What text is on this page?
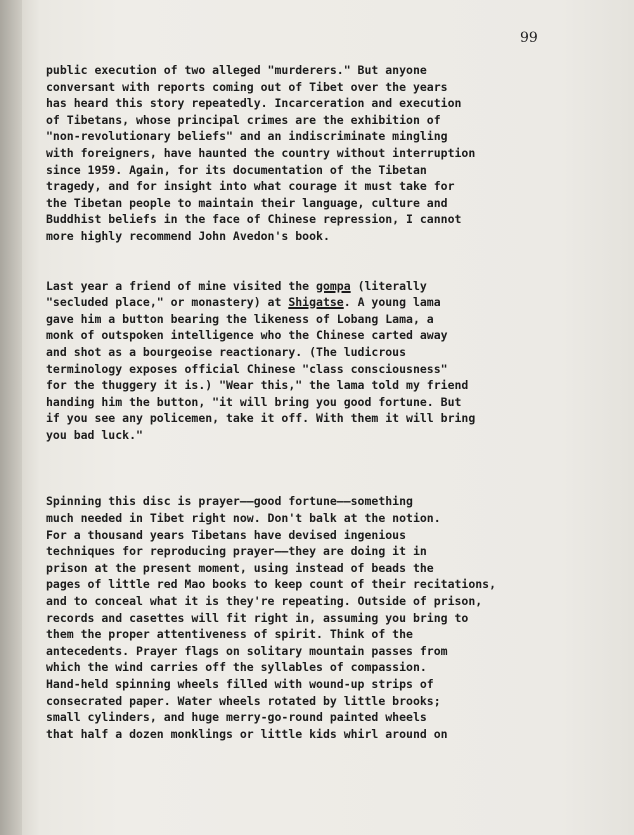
99
public execution of two alleged "murderers." But anyone
conversant with reports coming out of Tibet over the years
has heard this story repeatedly. Incarceration and execution
of Tibetans, whose principal crimes are the exhibition of
"non-revolutionary beliefs" and an indiscriminate mingling
with foreigners, have haunted the country without interruption
since 1959. Again, for its documentation of the Tibetan
tragedy, and for insight into what courage it must take for
the Tibetan people to maintain their language, culture and
Buddhist beliefs in the face of Chinese repression, I cannot
more highly recommend John Avedon's book.
Last year a friend of mine visited the gompa (literally
"secluded place," or monastery) at Shigatse. A young lama
gave him a button bearing the likeness of Lobang Lama, a
monk of outspoken intelligence who the Chinese carted away
and shot as a bourgeoise reactionary. (The ludicrous
terminology exposes official Chinese "class consciousness"
for the thuggery it is.) "Wear this," the lama told my friend
handing him the button, "it will bring you good fortune. But
if you see any policemen, take it off. With them it will bring
you bad luck."
Spinning this disc is prayer——good fortune——something
much needed in Tibet right now. Don't balk at the notion.
For a thousand years Tibetans have devised ingenious
techniques for reproducing prayer——they are doing it in
prison at the present moment, using instead of beads the
pages of little red Mao books to keep count of their recitations,
and to conceal what it is they're repeating. Outside of prison,
records and casettes will fit right in, assuming you bring to
them the proper attentiveness of spirit. Think of the
antecedents. Prayer flags on solitary mountain passes from
which the wind carries off the syllables of compassion.
Hand-held spinning wheels filled with wound-up strips of
consecrated paper. Water wheels rotated by little brooks;
small cylinders, and huge merry-go-round painted wheels
that half a dozen monklings or little kids whirl around on
